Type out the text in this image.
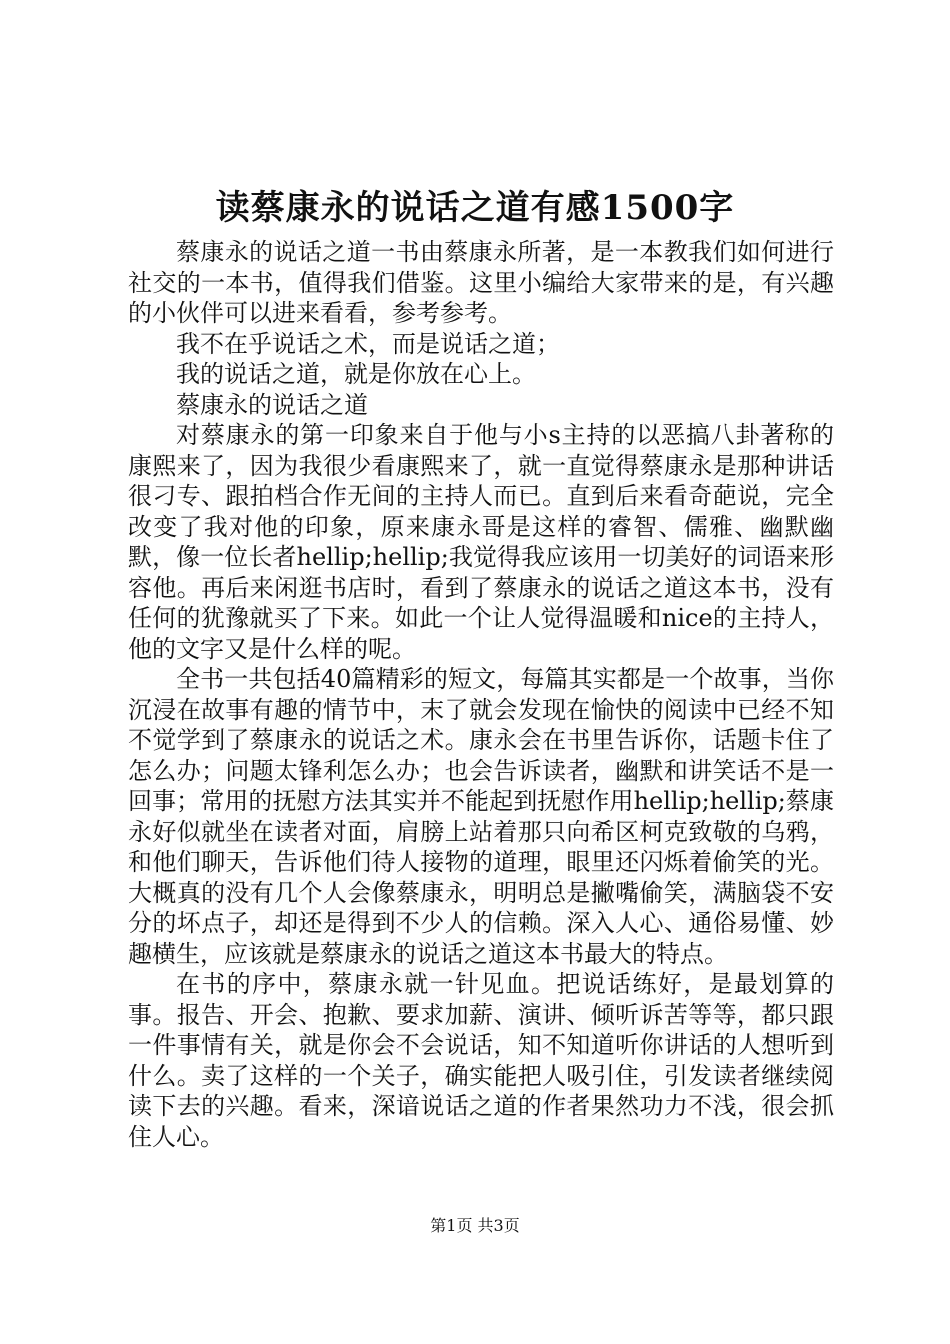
读蔡康永的说话之道有感1500字

蔡康永的说话之道一书由蔡康永所著，是一本教我们如何进行社交的一本书，值得我们借鉴。这里小编给大家带来的是，有兴趣的小伙伴可以进来看看，参考参考。

我不在乎说话之术，而是说话之道；

我的说话之道，就是你放在心上。

蔡康永的说话之道

对蔡康永的第一印象来自于他与小s主持的以恶搞八卦著称的康熙来了，因为我很少看康熙来了，就一直觉得蔡康永是那种讲话很刁专、跟拍档合作无间的主持人而已。直到后来看奇葩说，完全改变了我对他的印象，原来康永哥是这样的睿智、儒雅、幽默幽默，像一位长者hellip;hellip;我觉得我应该用一切美好的词语来形容他。再后来闲逛书店时，看到了蔡康永的说话之道这本书，没有任何的犹豫就买了下来。如此一个让人觉得温暖和nice的主持人，他的文字又是什么样的呢。

全书一共包括40篇精彩的短文，每篇其实都是一个故事，当你沉浸在故事有趣的情节中，末了就会发现在愉快的阅读中已经不知不觉学到了蔡康永的说话之术。康永会在书里告诉你，话题卡住了怎么办；问题太锋利怎么办；也会告诉读者，幽默和讲笑话不是一回事；常用的抚慰方法其实并不能起到抚慰作用hellip;hellip;蔡康永好似就坐在读者对面，肩膀上站着那只向希区柯克致敬的乌鸦，和他们聊天，告诉他们待人接物的道理，眼里还闪烁着偷笑的光。大概真的没有几个人会像蔡康永，明明总是撇嘴偷笑，满脑袋不安分的坏点子，却还是得到不少人的信赖。深入人心、通俗易懂、妙趣横生，应该就是蔡康永的说话之道这本书最大的特点。

在书的序中，蔡康永就一针见血。把说话练好，是最划算的事。报告、开会、抱歉、要求加薪、演讲、倾听诉苦等等，都只跟一件事情有关，就是你会不会说话，知不知道听你讲话的人想听到什么。卖了这样的一个关子，确实能把人吸引住，引发读者继续阅读下去的兴趣。看来，深谙说话之道的作者果然功力不浅，很会抓住人心。

第1页 共3页
